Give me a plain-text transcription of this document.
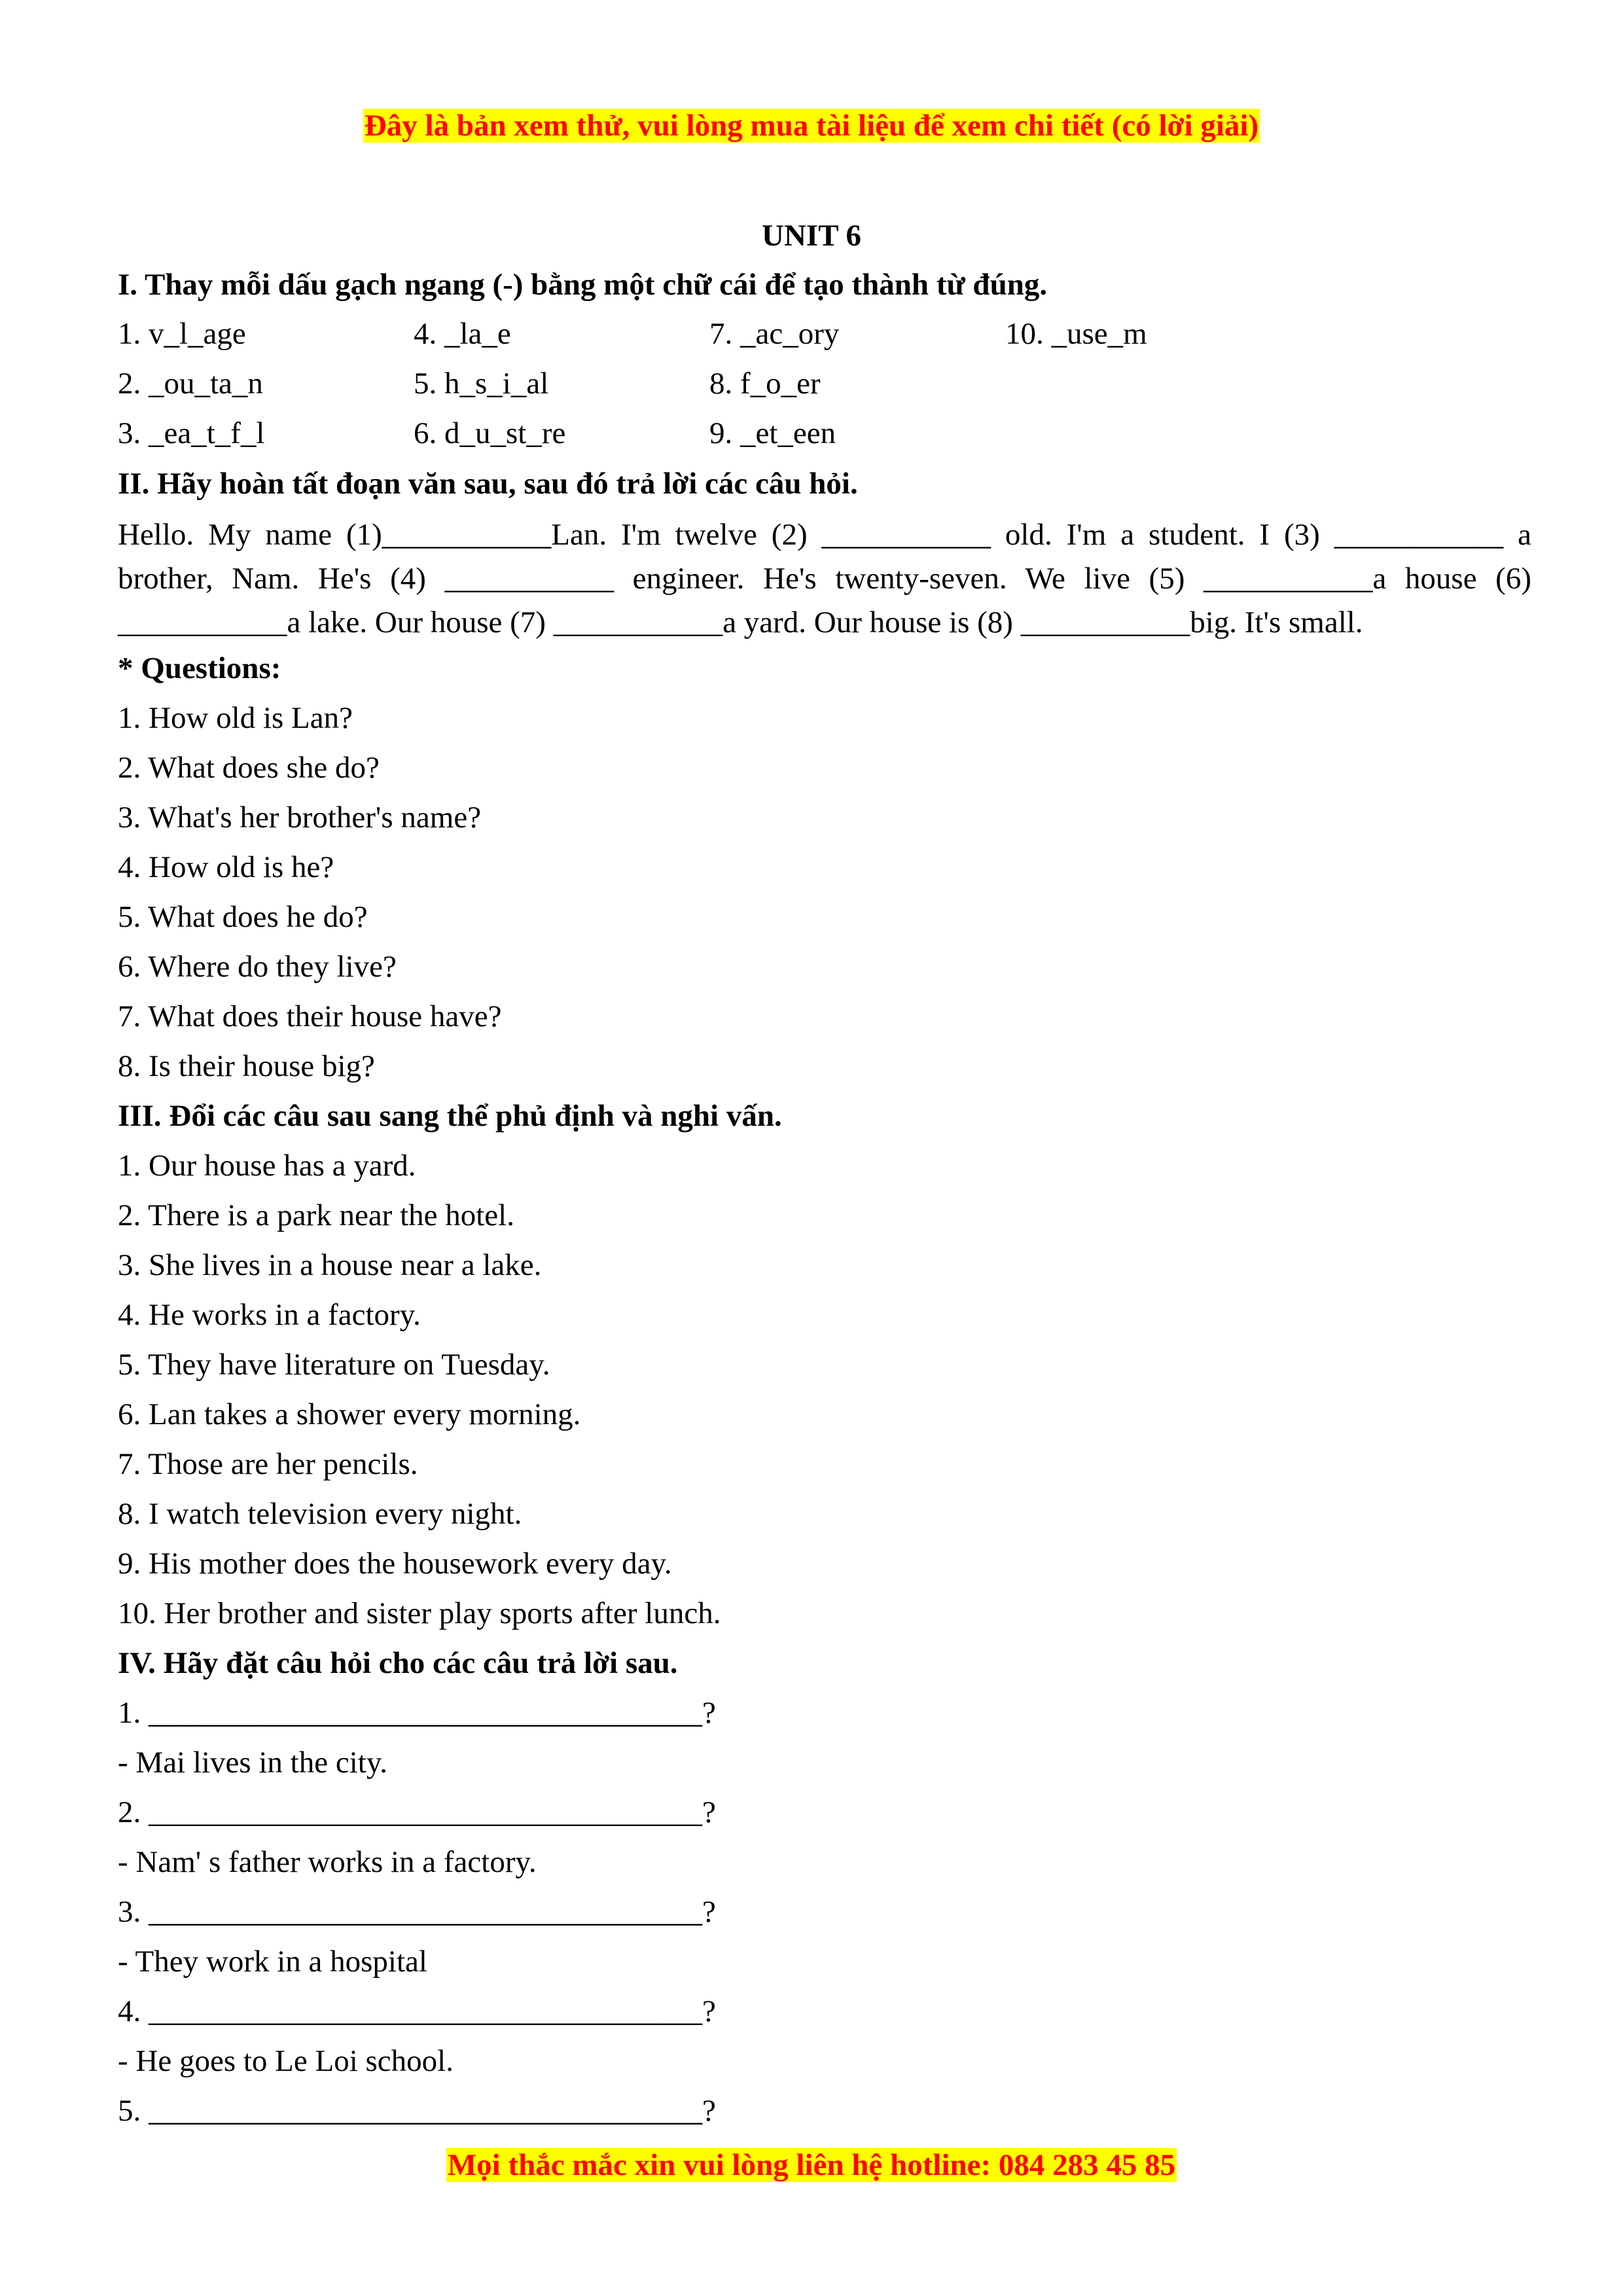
Đây là bản xem thử, vui lòng mua tài liệu để xem chi tiết (có lời giải)
UNIT 6
I. Thay mỗi dấu gạch ngang (-) bằng một chữ cái để tạo thành từ đúng.
1. v_l_age	4. _la_e	7. _ac_ory	10. _use_m
2. _ou_ta_n	5. h_s_i_al	8. f_o_er
3. _ea_t_f_l	6. d_u_st_re	9. _et_een
II. Hãy hoàn tất đoạn văn sau, sau đó trả lời các câu hỏi.
Hello. My name (1)___________Lan. I'm twelve (2) ___________ old. I'm a student. I (3) ___________ a brother, Nam. He's (4) ___________ engineer. He's twenty-seven. We live (5) ___________a house (6) ___________a lake. Our house (7) ___________a yard. Our house is (8) ___________big. It's small.
* Questions:
1. How old is Lan?
2. What does she do?
3. What's her brother's name?
4. How old is he?
5. What does he do?
6. Where do they live?
7. What does their house have?
8. Is their house big?
III. Đổi các câu sau sang thể phủ định và nghi vấn.
1. Our house has a yard.
2. There is a park near the hotel.
3. She lives in a house near a lake.
4. He works in a factory.
5. They have literature on Tuesday.
6. Lan takes a shower every morning.
7. Those are her pencils.
8. I watch television every night.
9. His mother does the housework every day.
10. Her brother and sister play sports after lunch.
IV. Hãy đặt câu hỏi cho các câu trả lời sau.
1. ____________________________________?
- Mai lives in the city.
2. ____________________________________?
- Nam' s father works in a factory.
3. ____________________________________?
- They work in a hospital
4. ____________________________________?
- He goes to Le Loi school.
5. ____________________________________?
Mọi thắc mắc xin vui lòng liên hệ hotline: 084 283 45 85
